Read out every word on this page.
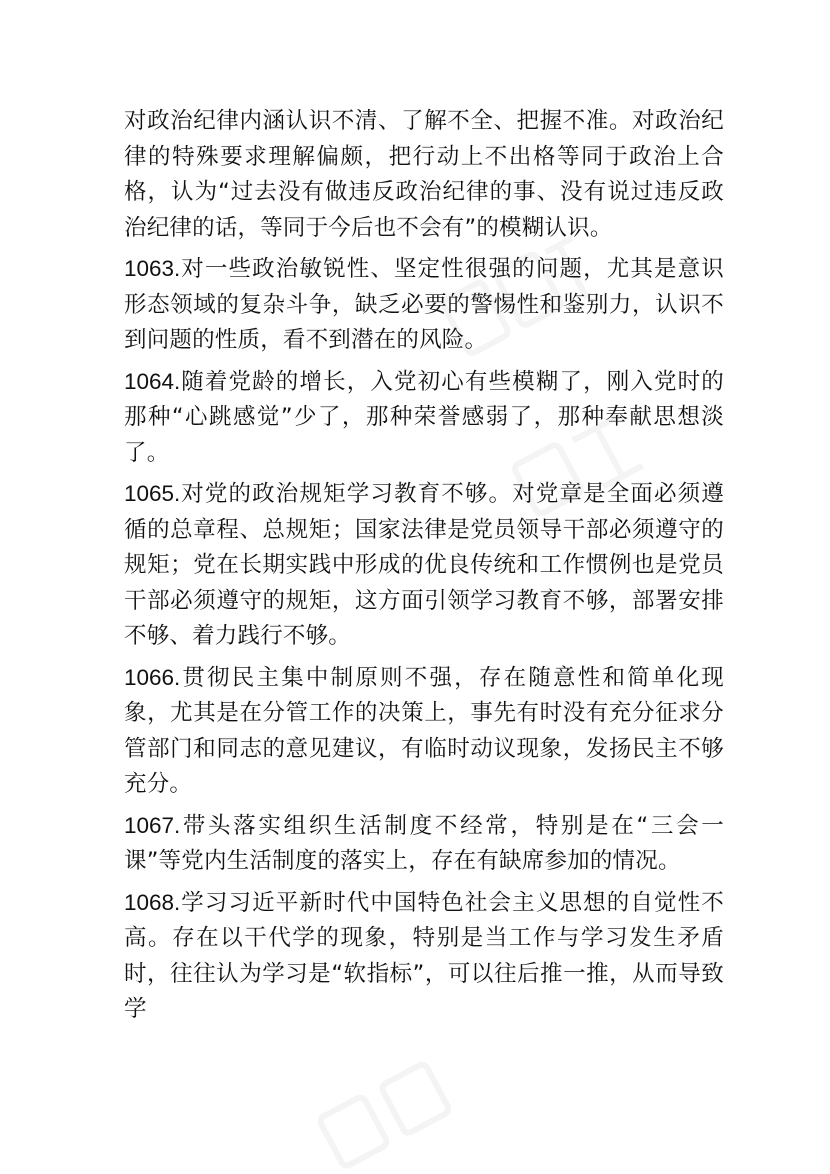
对政治纪律内涵认识不清、了解不全、把握不准。对政治纪律的特殊要求理解偏颇，把行动上不出格等同于政治上合格，认为“过去没有做违反政治纪律的事、没有说过违反政治纪律的话，等同于今后也不会有”的模糊认识。

1063.对一些政治敏锐性、坚定性很强的问题，尤其是意识形态领域的复杂斗争，缺乏必要的警惕性和鉴别力，认识不到问题的性质，看不到潜在的风险。

1064.随着党龄的增长，入党初心有些模糊了，刚入党时的那种“心跳感觉”少了，那种荣誉感弱了，那种奉献思想淡了。

1065.对党的政治规矩学习教育不够。对党章是全面必须遵循的总章程、总规矩；国家法律是党员领导干部必须遵守的规矩；党在长期实践中形成的优良传统和工作惯例也是党员干部必须遵守的规矩，这方面引领学习教育不够，部署安排不够、着力践行不够。

1066.贯彻民主集中制原则不强，存在随意性和简单化现象，尤其是在分管工作的决策上，事先有时没有充分征求分管部门和同志的意见建议，有临时动议现象，发扬民主不够充分。

1067.带头落实组织生活制度不经常，特别是在“三会一课”等党内生活制度的落实上，存在有缺席参加的情况。

1068.学习习近平新时代中国特色社会主义思想的自觉性不高。存在以干代学的现象，特别是当工作与学习发生矛盾时，往往认为学习是“软指标”，可以往后推一推，从而导致学
